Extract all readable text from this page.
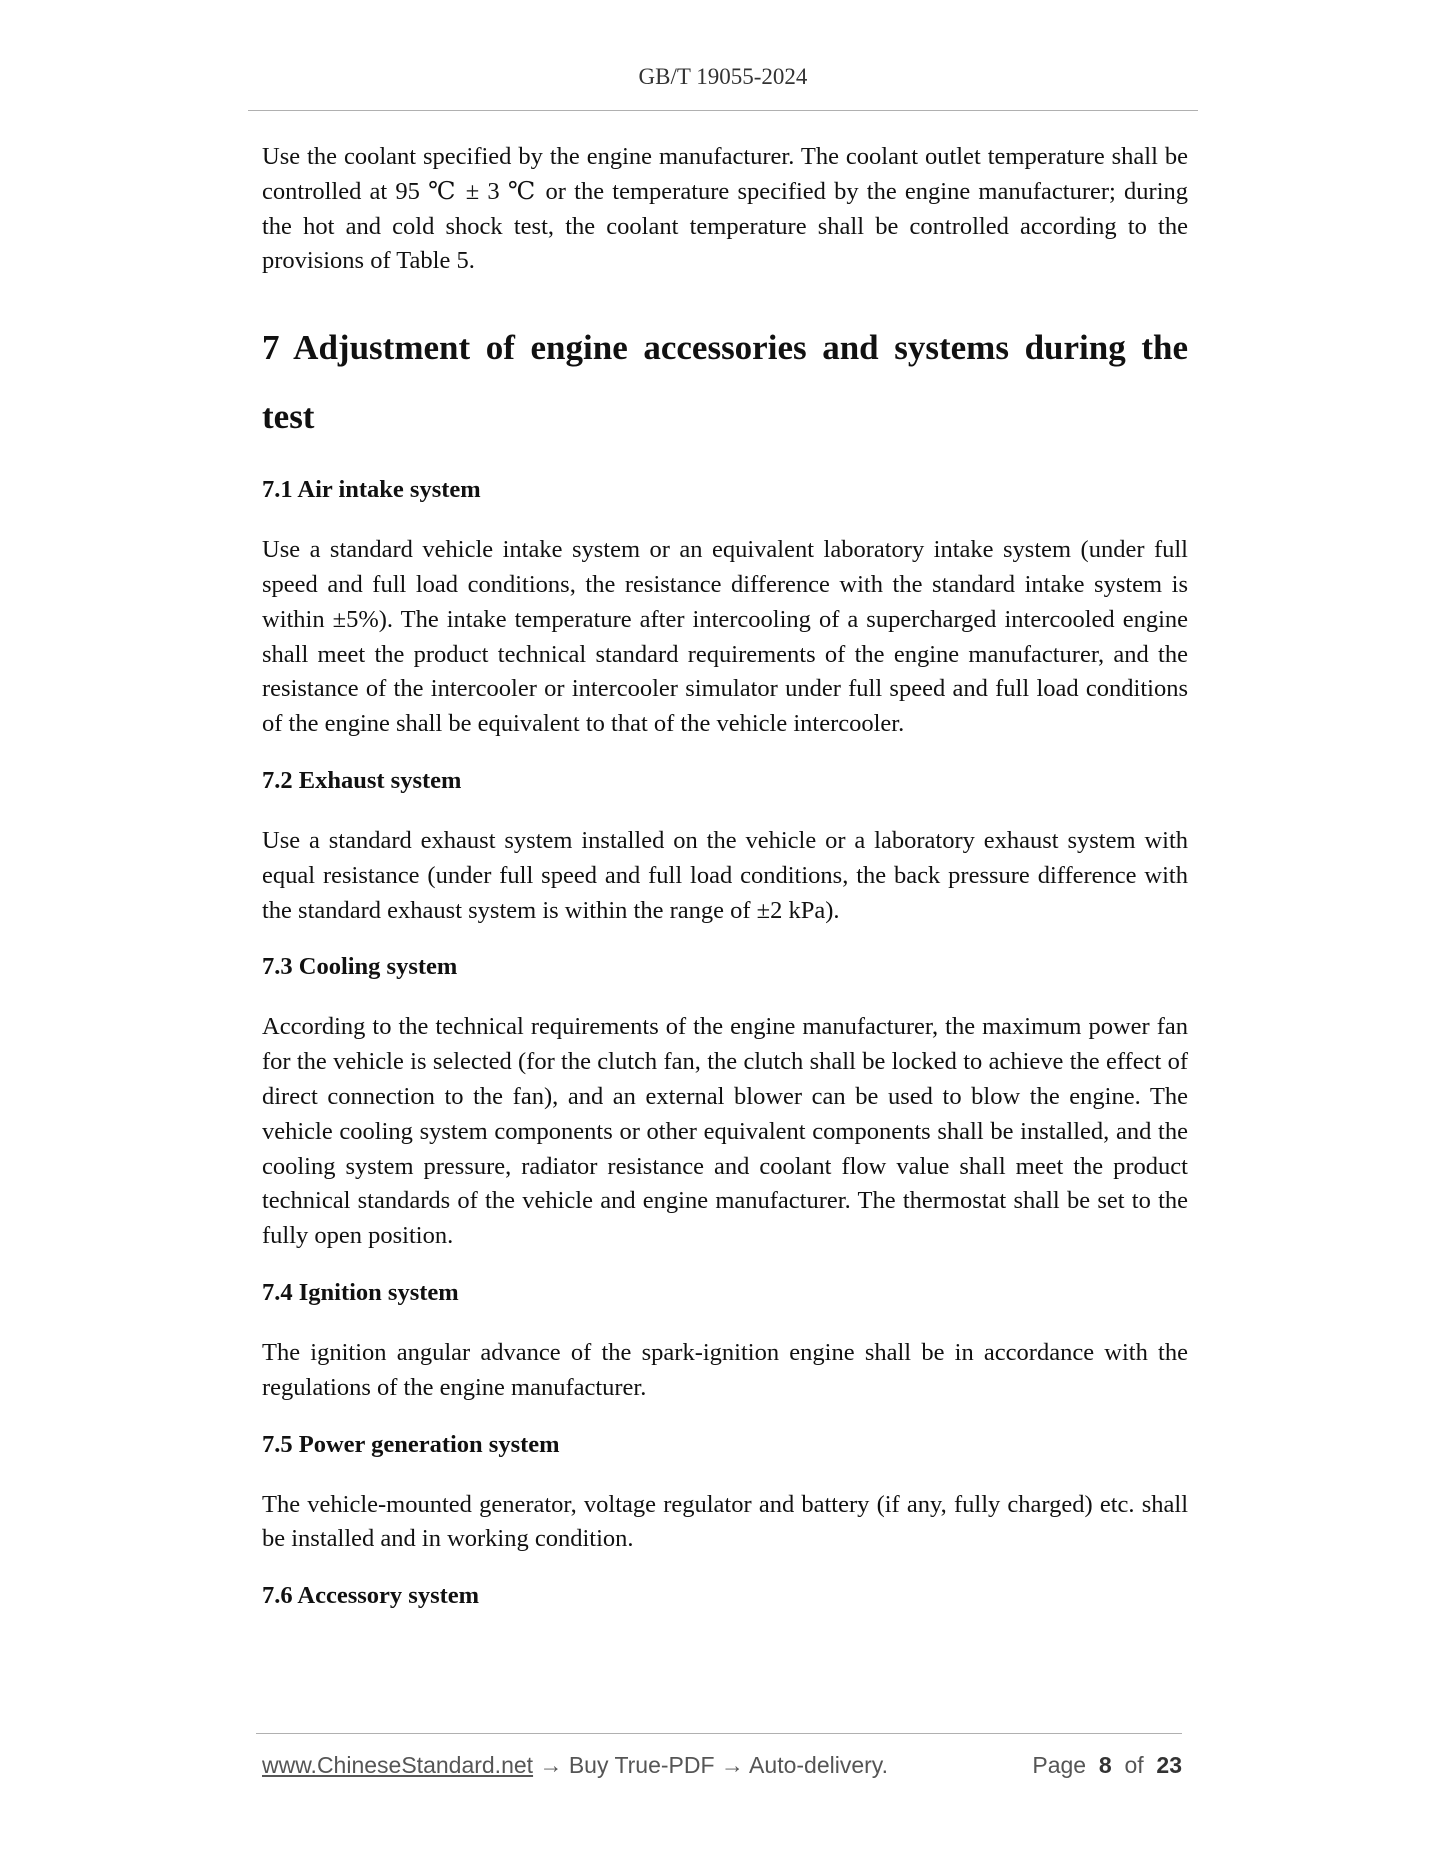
GB/T 19055-2024

Use the coolant specified by the engine manufacturer. The coolant outlet temperature shall be controlled at 95 ℃ ± 3 ℃ or the temperature specified by the engine manufacturer; during the hot and cold shock test, the coolant temperature shall be controlled according to the provisions of Table 5.

7 Adjustment of engine accessories and systems during the test
7.1 Air intake system

Use a standard vehicle intake system or an equivalent laboratory intake system (under full speed and full load conditions, the resistance difference with the standard intake system is within ±5%). The intake temperature after intercooling of a supercharged intercooled engine shall meet the product technical standard requirements of the engine manufacturer, and the resistance of the intercooler or intercooler simulator under full speed and full load conditions of the engine shall be equivalent to that of the vehicle intercooler.

7.2 Exhaust system

Use a standard exhaust system installed on the vehicle or a laboratory exhaust system with equal resistance (under full speed and full load conditions, the back pressure difference with the standard exhaust system is within the range of ±2 kPa).

7.3 Cooling system

According to the technical requirements of the engine manufacturer, the maximum power fan for the vehicle is selected (for the clutch fan, the clutch shall be locked to achieve the effect of direct connection to the fan), and an external blower can be used to blow the engine. The vehicle cooling system components or other equivalent components shall be installed, and the cooling system pressure, radiator resistance and coolant flow value shall meet the product technical standards of the vehicle and engine manufacturer. The thermostat shall be set to the fully open position.

7.4 Ignition system

The ignition angular advance of the spark-ignition engine shall be in accordance with the regulations of the engine manufacturer.

7.5 Power generation system

The vehicle-mounted generator, voltage regulator and battery (if any, fully charged) etc. shall be installed and in working condition.

7.6 Accessory system
www.ChineseStandard.net → Buy True-PDF → Auto-delivery.	Page 8 of 23
